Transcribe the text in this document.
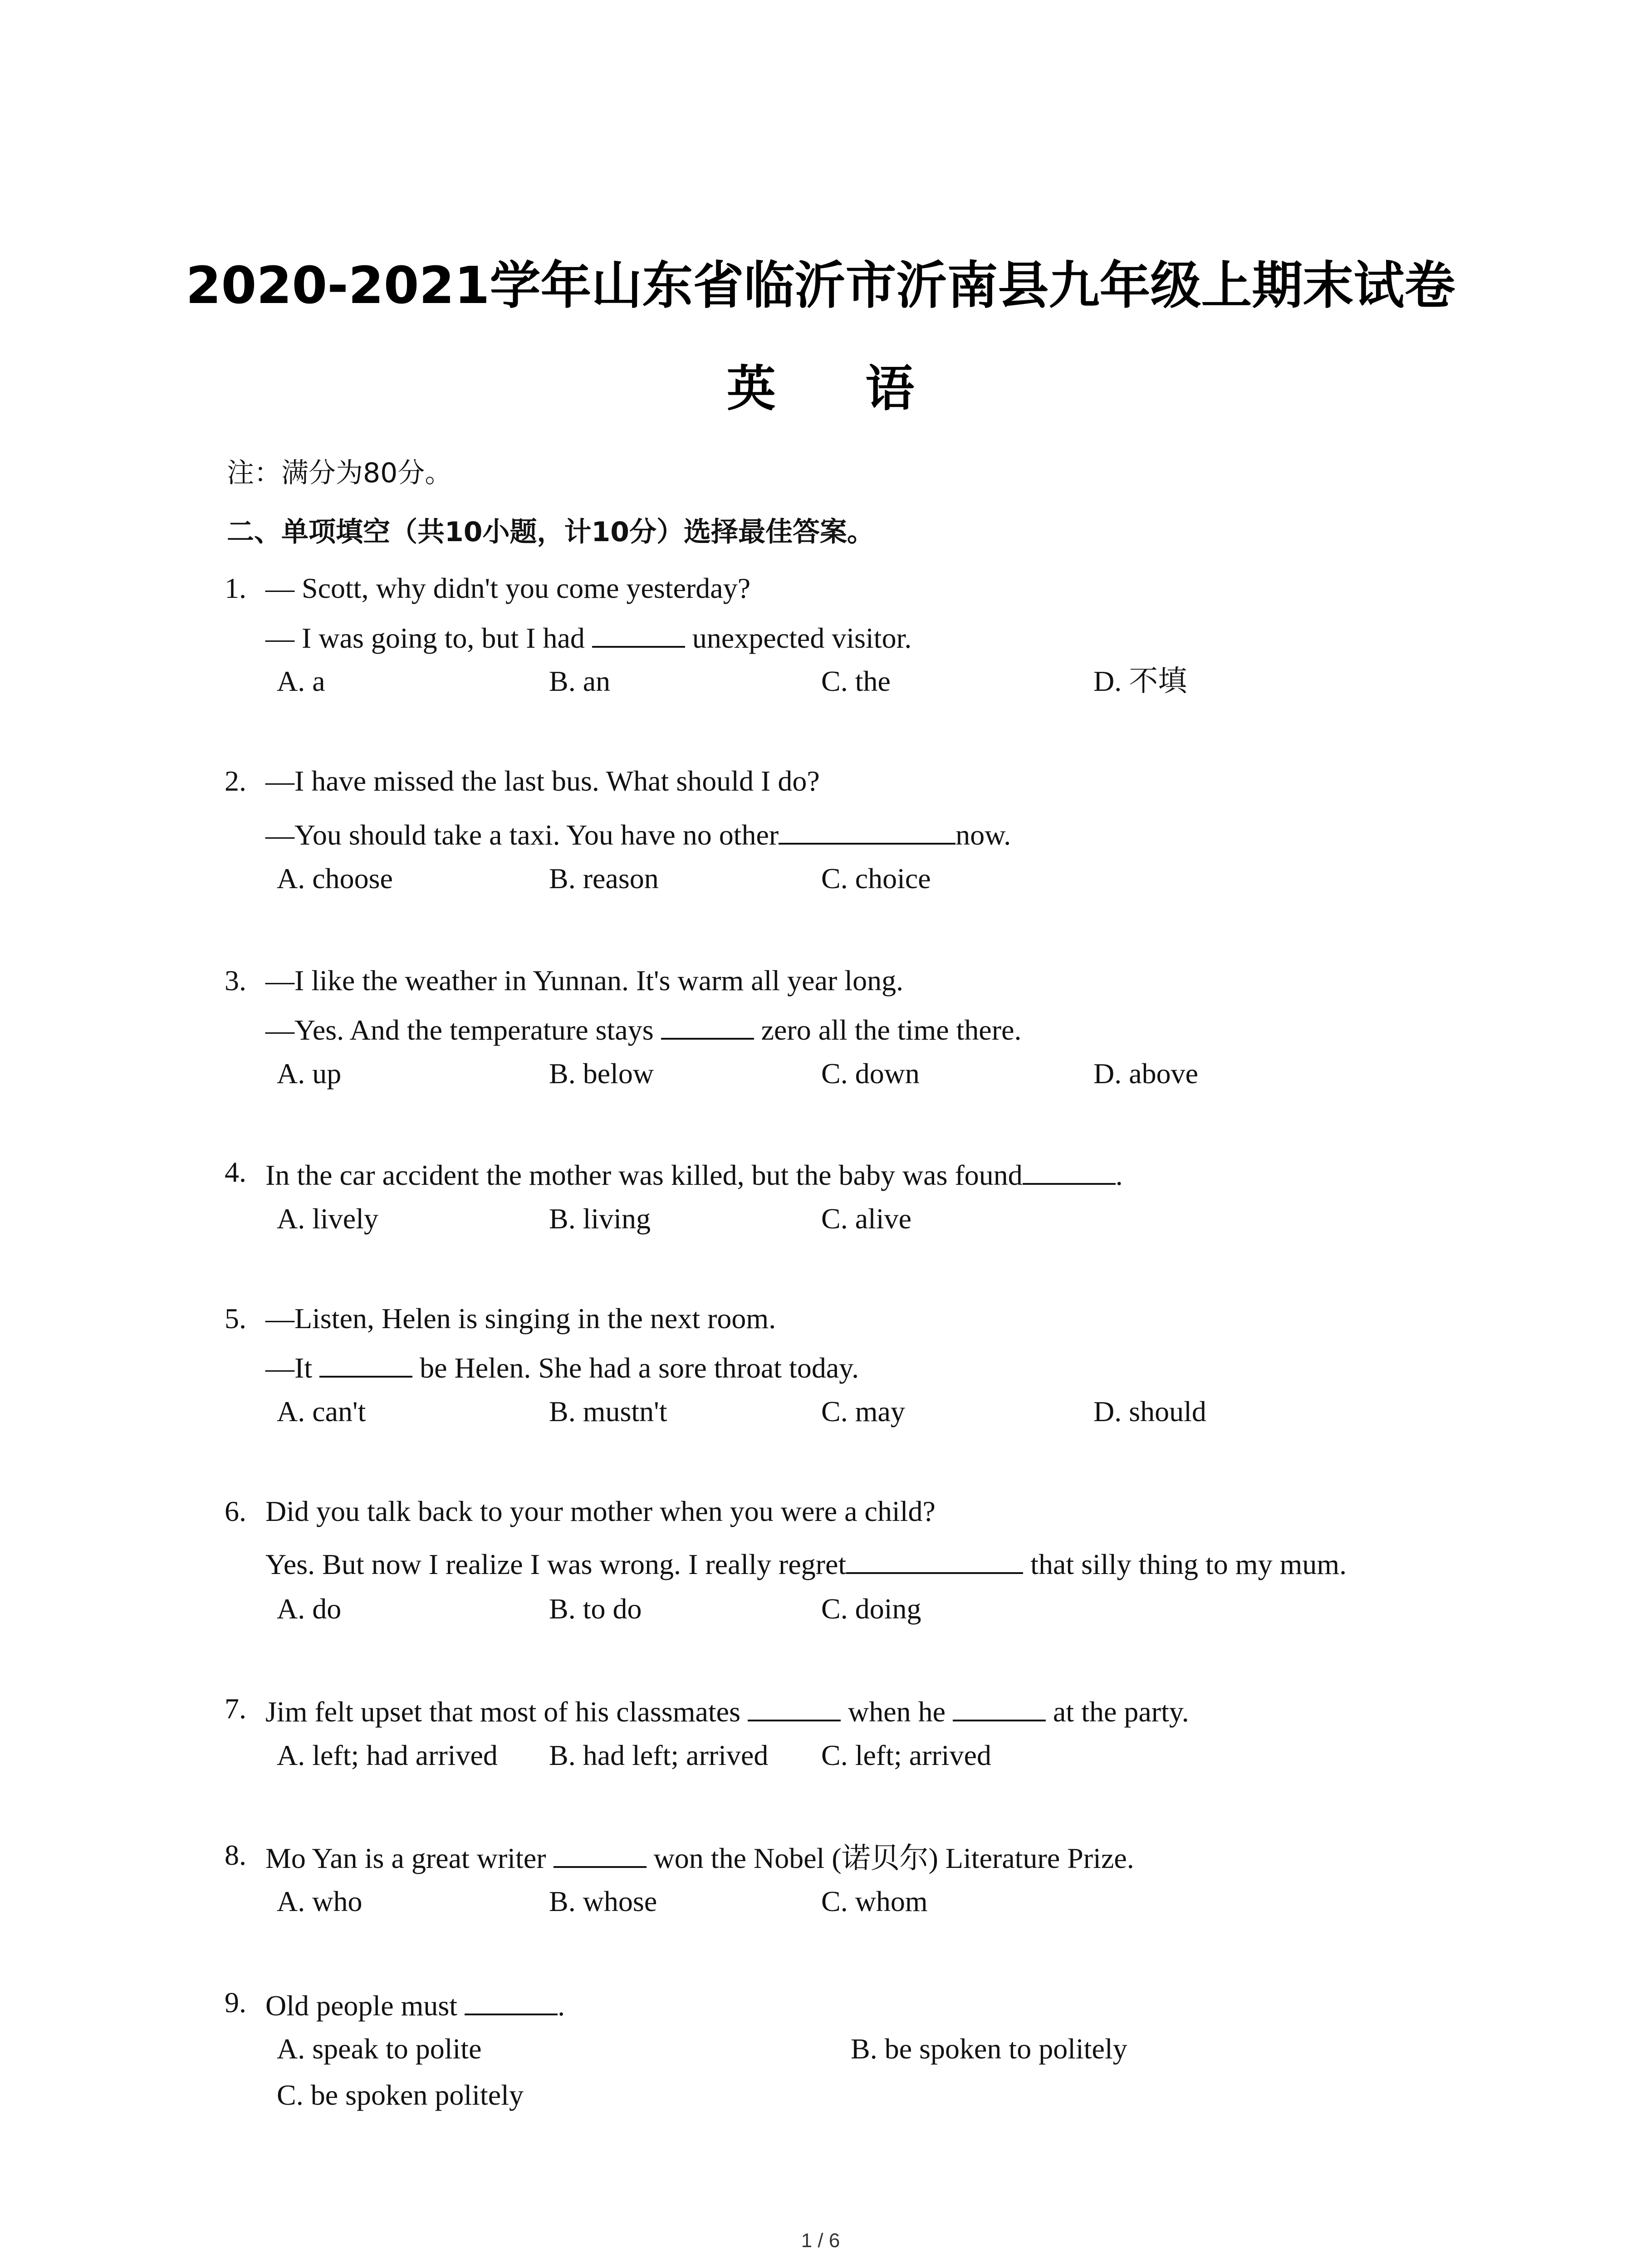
2020-2021学年山东省临沂市沂南县九年级上期末试卷
英 语
注：满分为80分。
二、单项填空（共10小题，计10分）选择最佳答案。
1. — Scott, why didn't you come yesterday?
— I was going to, but I had	unexpected visitor.
A. a	B. an	C. the	D. 不填
2. —I have missed the last bus. What should I do?
—You should take a taxi. You have no other	now.
A. choose	B. reason	C. choice
3. —I like the weather in Yunnan. It's warm all year long.
—Yes. And the temperature stays	zero all the time there.
A. up	B. below	C. down	D. above
4. In the car accident the mother was killed, but the baby was found	.
A. lively	B. living	C. alive
5. —Listen, Helen is singing in the next room.
—It	be Helen. She had a sore throat today.
A. can't	B. mustn't	C. may	D. should
6. Did you talk back to your mother when you were a child?
Yes. But now I realize I was wrong. I really regret	that silly thing to my mum.
A. do	B. to do	C. doing
7. Jim felt upset that most of his classmates	when he	at the party.
A. left; had arrived B. had left; arrived C. left; arrived
8. Mo Yan is a great writer	won the Nobel (诺贝尔) Literature Prize.
A. who	B. whose	C. whom
9. Old people must	.
A. speak to polite	B. be spoken to politely
C. be spoken politely
1 / 6
